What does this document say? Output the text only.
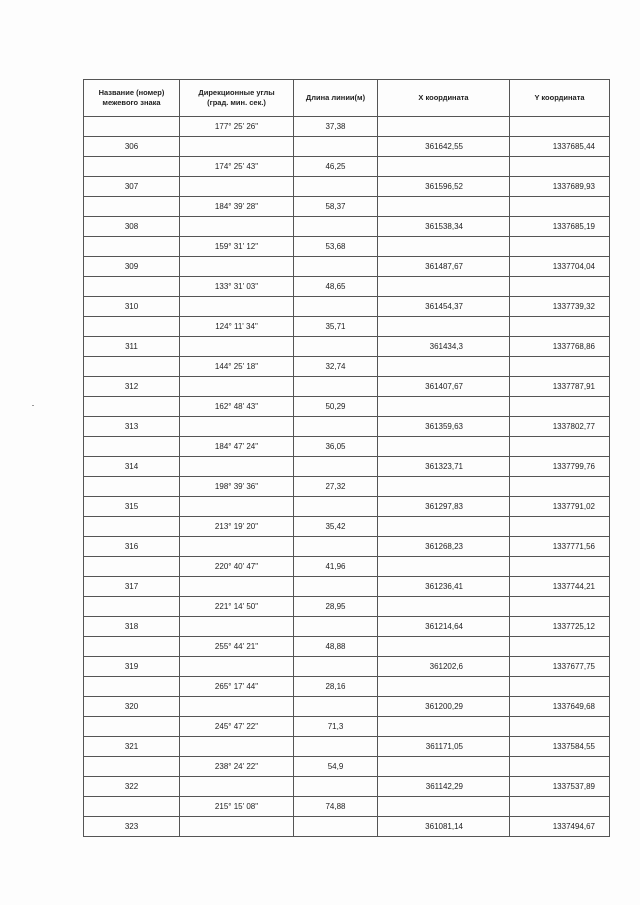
Название (номер)
межевого знака	Дирекционные углы
(град. мин. сек.)	Длина линии(м)	X координата	Y координата
	177° 25' 26"	37,38		
306			361642,55	1337685,44
	174° 25' 43"	46,25		
307			361596,52	1337689,93
	184° 39' 28"	58,37		
308			361538,34	1337685,19
	159° 31' 12"	53,68		
309			361487,67	1337704,04
	133° 31' 03"	48,65		
310			361454,37	1337739,32
	124° 11' 34"	35,71		
311			361434,3	1337768,86
	144° 25' 18"	32,74		
312			361407,67	1337787,91
	162° 48' 43"	50,29		
313			361359,63	1337802,77
	184° 47' 24"	36,05		
314			361323,71	1337799,76
	198° 39' 36"	27,32		
315			361297,83	1337791,02
	213° 19' 20"	35,42		
316			361268,23	1337771,56
	220° 40' 47"	41,96		
317			361236,41	1337744,21
	221° 14' 50"	28,95		
318			361214,64	1337725,12
	255° 44' 21"	48,88		
319			361202,6	1337677,75
	265° 17' 44"	28,16		
320			361200,29	1337649,68
	245° 47' 22"	71,3		
321			361171,05	1337584,55
	238° 24' 22"	54,9		
322			361142,29	1337537,89
	215° 15' 08"	74,88		
323			361081,14	1337494,67
